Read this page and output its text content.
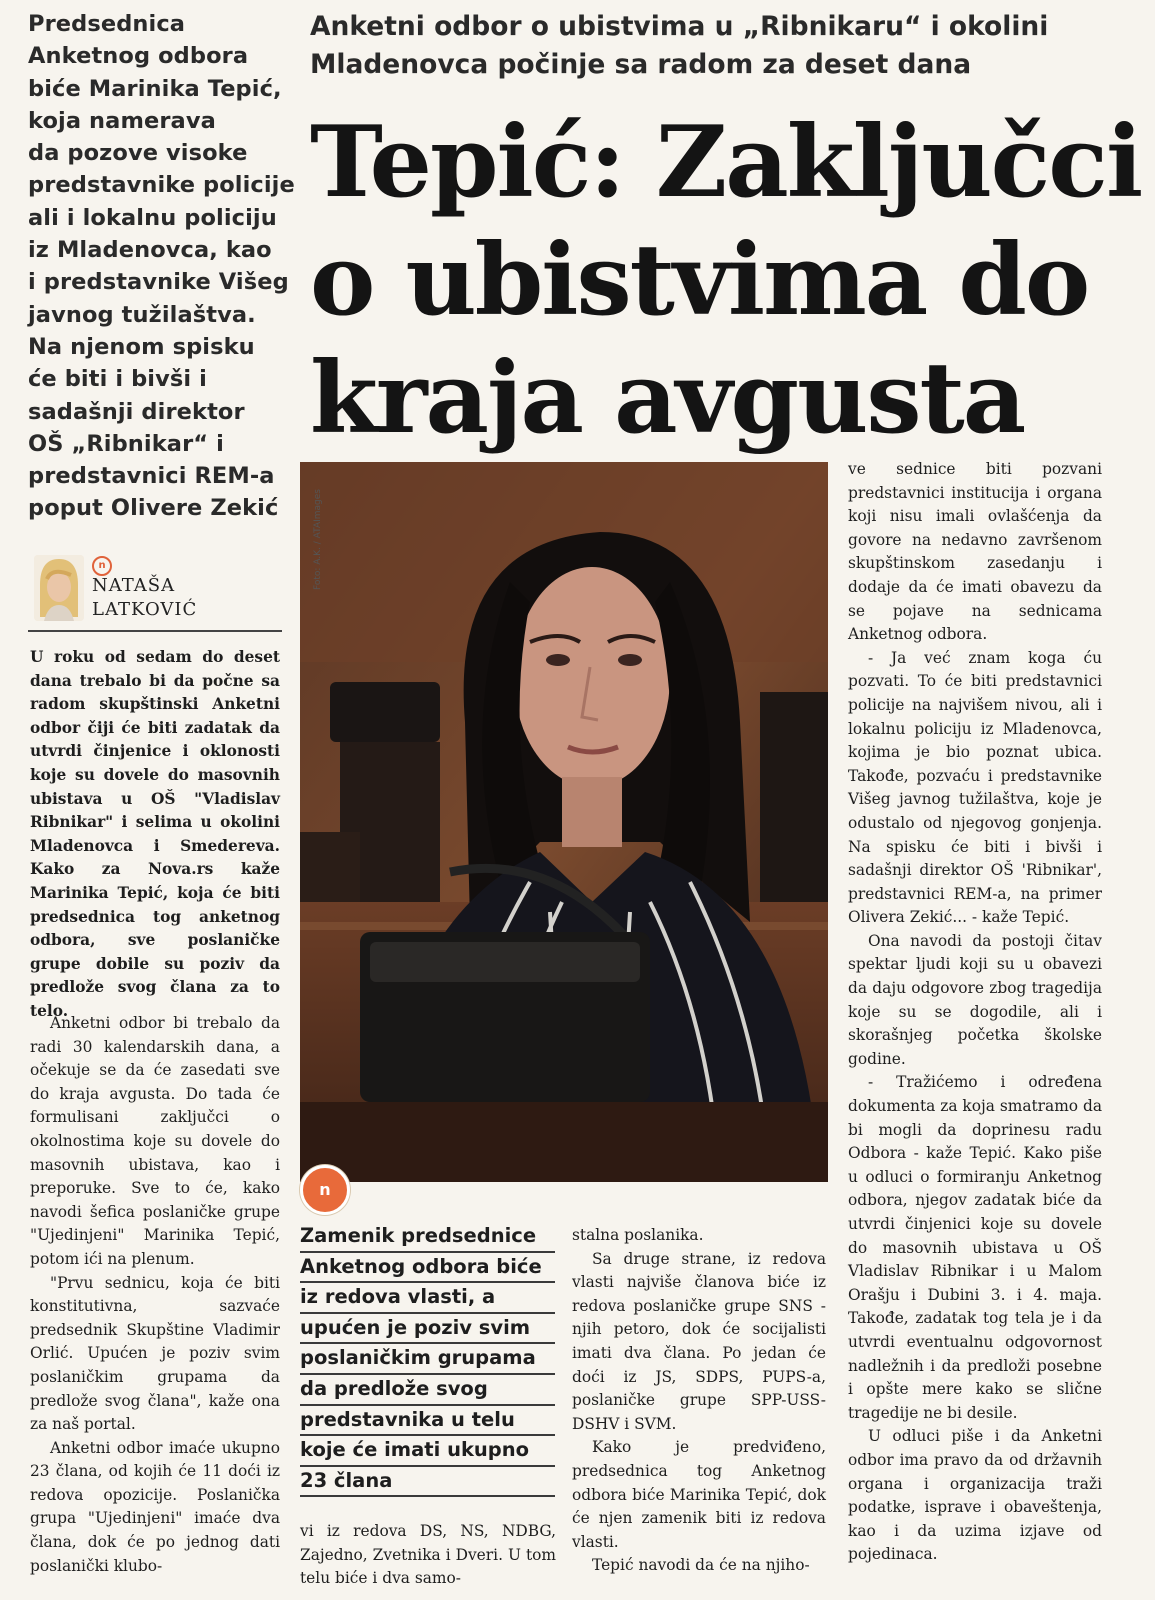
Predsednica
Anketnog odbora
biće Marinika Tepić,
koja namerava
da pozove visoke
predstavnike policije
ali i lokalnu policiju
iz Mladenovca, kao
i predstavnike Višeg
javnog tužilaštva.
Na njenom spisku
će biti i bivši i
sadašnji direktor
OŠ „Ribnikar“ i
predstavnici REM-a
poput Olivere Zekić
Anketni odbor o ubistvima u „Ribnikaru“ i okolini
Mladenovca počinje sa radom za deset dana
Tepić: Zaključci
o ubistvima do
kraja avgusta
n
NATAŠA
LATKOVIĆ

U roku od sedam do deset dana trebalo bi da počne sa radom skupštinski Anketni odbor čiji će biti zadatak da utvrdi činjenice i oklonosti koje su dovele do masovnih ubistava u OŠ "Vladislav Ribnikar" i selima u okolini Mladenovca i Smedereva. Kako za Nova.rs kaže Marinika Tepić, koja će biti predsednica tog anketnog odbora, sve poslaničke grupe dobile su poziv da predlože svog člana za to telo.

Anketni odbor bi trebalo da radi 30 kalendarskih dana, a očekuje se da će zasedati sve do kraja avgusta. Do tada će formulisani zaključci o okolnostima koje su dovele do masovnih ubistava, kao i preporuke. Sve to će, kako navodi šefica poslaničke grupe "Ujedinjeni" Marinika Tepić, potom ići na plenum.

"Prvu sednicu, koja će biti konstitutivna, sazvaće predsednik Skupštine Vladimir Orlić. Upućen je poziv svim poslaničkim grupama da predlože svog člana", kaže ona za naš portal.

Anketni odbor imaće ukupno 23 člana, od kojih će 11 doći iz redova opozicije. Poslanička grupa "Ujedinjeni" imaće dva člana, dok će po jednog dati poslanički klubo-

Foto: A.K. / ATAImages
n
Zamenik predsednice
Anketnog odbora biće
iz redova vlasti, a
upućen je poziv svim
poslaničkim grupama
da predlože svog
predstavnika u telu
koje će imati ukupno
23 člana

vi iz redova DS, NS, NDBG, Zajedno, Zvetnika i Dveri. U tom telu biće i dva samo-

stalna poslanika.

Sa druge strane, iz redova vlasti najviše članova biće iz redova poslaničke grupe SNS - njih petoro, dok će socijalisti imati dva člana. Po jedan će doći iz JS, SDPS, PUPS-a, poslaničke grupe SPP-USS-DSHV i SVM.

Kako je predviđeno, predsednica tog Anketnog odbora biće Marinika Tepić, dok će njen zamenik biti iz redova vlasti.

Tepić navodi da će na njiho-

ve sednice biti pozvani predstavnici institucija i organa koji nisu imali ovlašćenja da govore na nedavno završenom skupštinskom zasedanju i dodaje da će imati obavezu da se pojave na sednicama Anketnog odbora.

- Ja već znam koga ću pozvati. To će biti predstavnici policije na najvišem nivou, ali i lokalnu policiju iz Mladenovca, kojima je bio poznat ubica. Takođe, pozvaću i predstavnike Višeg javnog tužilaštva, koje je odustalo od njegovog gonjenja. Na spisku će biti i bivši i sadašnji direktor OŠ 'Ribnikar', predstavnici REM-a, na primer Olivera Zekić... - kaže Tepić.

Ona navodi da postoji čitav spektar ljudi koji su u obavezi da daju odgovore zbog tragedija koje su se dogodile, ali i skorašnjeg početka školske godine.

- Tražićemo i određena dokumenta za koja smatramo da bi mogli da doprinesu radu Odbora - kaže Tepić. Kako piše u odluci o formiranju Anketnog odbora, njegov zadatak biće da utvrdi činjenici koje su dovele do masovnih ubistava u OŠ Vladislav Ribnikar i u Malom Orašju i Dubini 3. i 4. maja. Takođe, zadatak tog tela je i da utvrdi eventualnu odgovornost nadležnih i da predloži posebne i opšte mere kako se slične tragedije ne bi desile.

U odluci piše i da Anketni odbor ima pravo da od državnih organa i organizacija traži podatke, isprave i obaveštenja, kao i da uzima izjave od pojedinaca.
